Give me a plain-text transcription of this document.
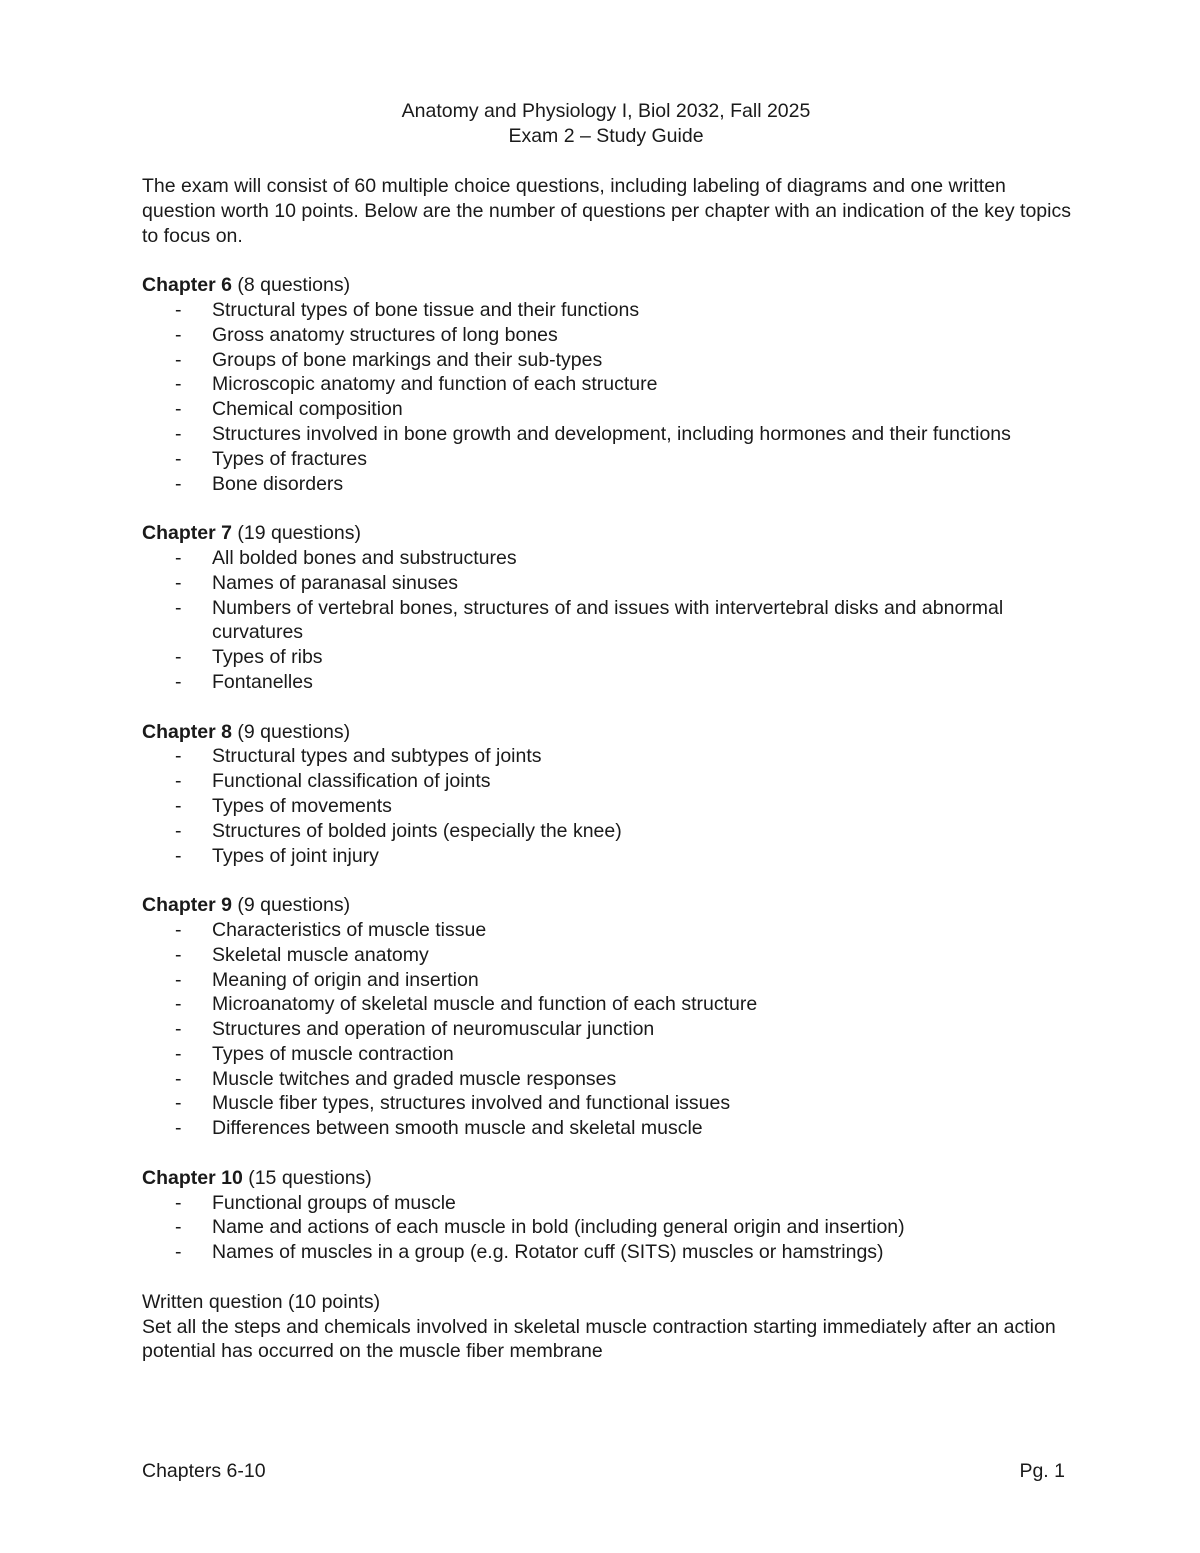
Anatomy and Physiology I, Biol 2032, Fall 2025
Exam 2 – Study Guide

The exam will consist of 60 multiple choice questions, including labeling of diagrams and one written question worth 10 points. Below are the number of questions per chapter with an indication of the key topics to focus on.

Chapter 6 (8 questions)

- Structural types of bone tissue and their functions
- Gross anatomy structures of long bones
- Groups of bone markings and their sub-types
- Microscopic anatomy and function of each structure
- Chemical composition
- Structures involved in bone growth and development, including hormones and their functions
- Types of fractures
- Bone disorders

Chapter 7 (19 questions)

- All bolded bones and substructures
- Names of paranasal sinuses
- Numbers of vertebral bones, structures of and issues with intervertebral disks and abnormal curvatures
- Types of ribs
- Fontanelles

Chapter 8 (9 questions)

- Structural types and subtypes of joints
- Functional classification of joints
- Types of movements
- Structures of bolded joints (especially the knee)
- Types of joint injury

Chapter 9 (9 questions)

- Characteristics of muscle tissue
- Skeletal muscle anatomy
- Meaning of origin and insertion
- Microanatomy of skeletal muscle and function of each structure
- Structures and operation of neuromuscular junction
- Types of muscle contraction
- Muscle twitches and graded muscle responses
- Muscle fiber types, structures involved and functional issues
- Differences between smooth muscle and skeletal muscle

Chapter 10 (15 questions)

- Functional groups of muscle
- Name and actions of each muscle in bold (including general origin and insertion)
- Names of muscles in a group (e.g. Rotator cuff (SITS) muscles or hamstrings)

Written question (10 points)

Set all the steps and chemicals involved in skeletal muscle contraction starting immediately after an action potential has occurred on the muscle fiber membrane

Chapters 6-10	Pg. 1
